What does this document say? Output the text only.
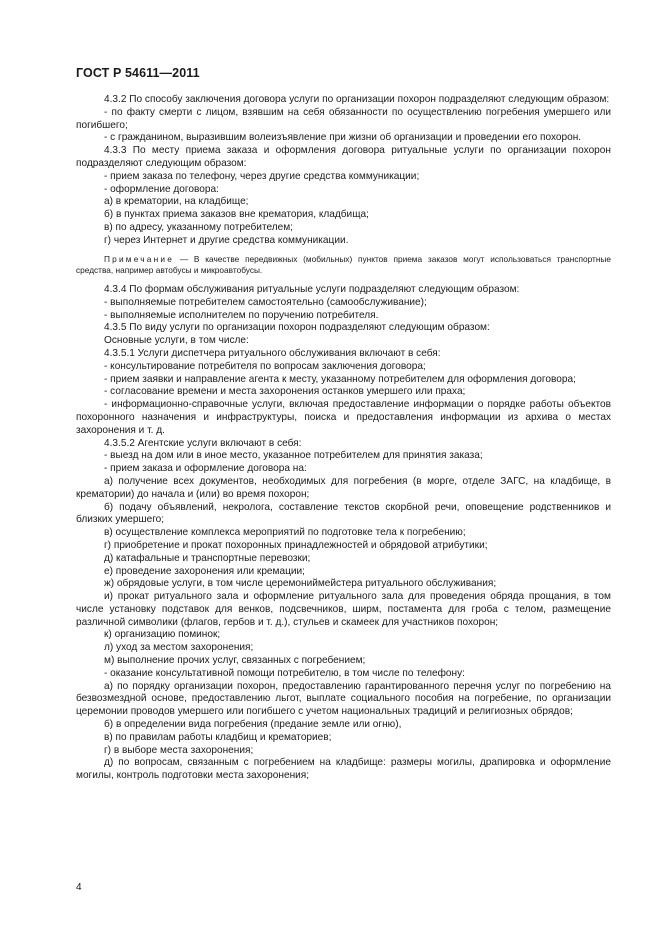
ГОСТ Р 54611—2011

4.3.2 По способу заключения договора услуги по организации похорон подразделяют следующим образом:

- по факту смерти с лицом, взявшим на себя обязанности по осуществлению погребения умершего или погибшего;

- с гражданином, выразившим волеизъявление при жизни об организации и проведении его похорон.

4.3.3 По месту приема заказа и оформления договора ритуальные услуги по организации похорон подразделяют следующим образом:

- прием заказа по телефону, через другие средства коммуникации;

- оформление договора:

а) в крематории, на кладбище;

б) в пунктах приема заказов вне крематория, кладбища;

в) по адресу, указанному потребителем;

г) через Интернет и другие средства коммуникации.

Примечание — В качестве передвижных (мобильных) пунктов приема заказов могут использоваться транспортные средства, например автобусы и микроавтобусы.

4.3.4 По формам обслуживания ритуальные услуги подразделяют следующим образом:

- выполняемые потребителем самостоятельно (самообслуживание);

- выполняемые исполнителем по поручению потребителя.

4.3.5 По виду услуги по организации похорон подразделяют следующим образом:

Основные услуги, в том числе:

4.3.5.1 Услуги диспетчера ритуального обслуживания включают в себя:

- консультирование потребителя по вопросам заключения договора;

- прием заявки и направление агента к месту, указанному потребителем для оформления договора;

- согласование времени и места захоронения останков умершего или праха;

- информационно-справочные услуги, включая предоставление информации о порядке работы объектов похоронного назначения и инфраструктуры, поиска и предоставления информации из архива о местах захоронения и т. д.

4.3.5.2 Агентские услуги включают в себя:

- выезд на дом или в иное место, указанное потребителем для принятия заказа;

- прием заказа и оформление договора на:

а) получение всех документов, необходимых для погребения (в морге, отделе ЗАГС, на кладбище, в крематории) до начала и (или) во время похорон;

б) подачу объявлений, некролога, составление текстов скорбной речи, оповещение родственников и близких умершего;

в) осуществление комплекса мероприятий по подготовке тела к погребению;

г) приобретение и прокат похоронных принадлежностей и обрядовой атрибутики;

д) катафальные и транспортные перевозки;

е) проведение захоронения или кремации;

ж) обрядовые услуги, в том числе церемониймейстера ритуального обслуживания;

и) прокат ритуального зала и оформление ритуального зала для проведения обряда прощания, в том числе установку подставок для венков, подсвечников, ширм, постамента для гроба с телом, размещение различной символики (флагов, гербов и т. д.), стульев и скамеек для участников похорон;

к) организацию поминок;

л) уход за местом захоронения;

м) выполнение прочих услуг, связанных с погребением;

- оказание консультативной помощи потребителю, в том числе по телефону:

а) по порядку организации похорон, предоставлению гарантированного перечня услуг по погребению на безвозмездной основе, предоставлению льгот, выплате социального пособия на погребение, по организации церемонии проводов умершего или погибшего с учетом национальных традиций и религиозных обрядов;

б) в определении вида погребения (предание земле или огню),

в) по правилам работы кладбищ и крематориев;

г) в выборе места захоронения;

д) по вопросам, связанным с погребением на кладбище: размеры могилы, драпировка и оформление могилы, контроль подготовки места захоронения;

4
